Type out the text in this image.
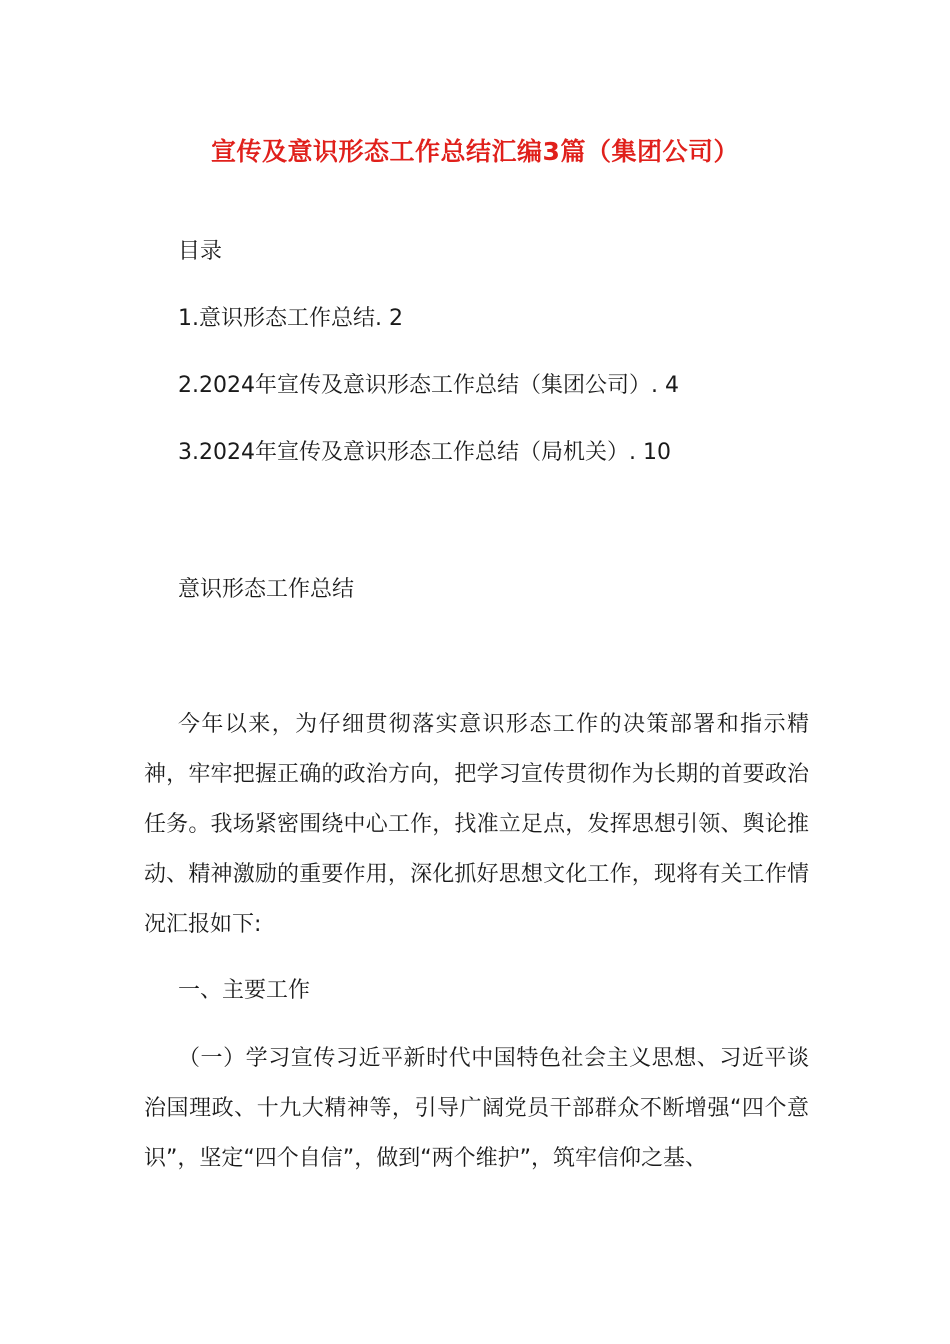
宣传及意识形态工作总结汇编3篇（集团公司）
目录
1.意识形态工作总结. 2
2.2024年宣传及意识形态工作总结（集团公司）. 4
3.2024年宣传及意识形态工作总结（局机关）. 10
意识形态工作总结

今年以来，为仔细贯彻落实意识形态工作的决策部署和指示精神，牢牢把握正确的政治方向，把学习宣传贯彻作为长期的首要政治任务。我场紧密围绕中心工作，找准立足点，发挥思想引领、舆论推动、精神激励的重要作用，深化抓好思想文化工作，现将有关工作情况汇报如下:

一、主要工作

（一）学习宣传习近平新时代中国特色社会主义思想、习近平谈治国理政、十九大精神等，引导广阔党员干部群众不断增强“四个意识”，坚定“四个自信”，做到“两个维护”，筑牢信仰之基、
